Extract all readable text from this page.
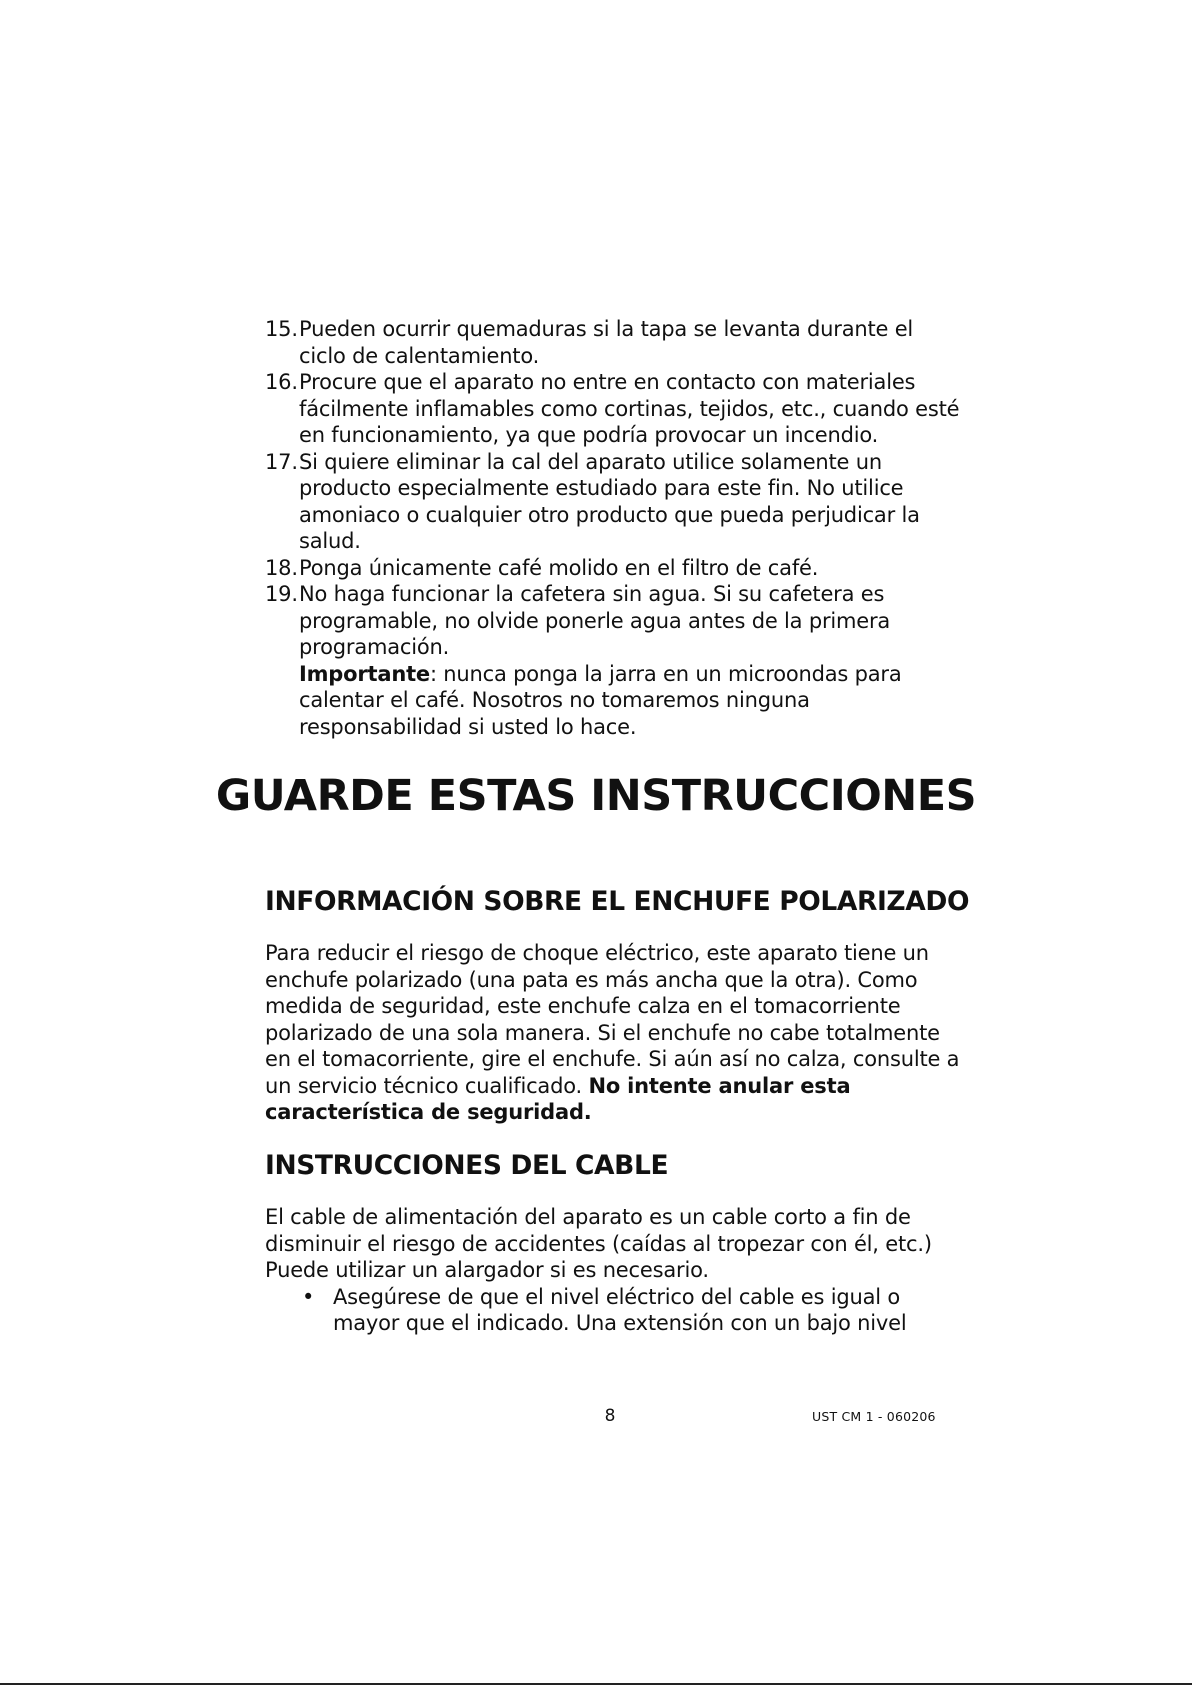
15. Pueden ocurrir quemaduras si la tapa se levanta durante el ciclo de calentamiento.
16. Procure que el aparato no entre en contacto con materiales fácilmente inflamables como cortinas, tejidos, etc., cuando esté en funcionamiento, ya que podría provocar un incendio.
17. Si quiere eliminar la cal del aparato utilice solamente un producto especialmente estudiado para este fin. No utilice amoniaco o cualquier otro producto que pueda perjudicar la salud.
18. Ponga únicamente café molido en el filtro de café.
19. No haga funcionar la cafetera sin agua. Si su cafetera es programable, no olvide ponerle agua antes de la primera programación.
Importante: nunca ponga la jarra en un microondas para calentar el café. Nosotros no tomaremos ninguna responsabilidad si usted lo hace.
GUARDE ESTAS INSTRUCCIONES
INFORMACIÓN SOBRE EL ENCHUFE POLARIZADO

Para reducir el riesgo de choque eléctrico, este aparato tiene un enchufe polarizado (una pata es más ancha que la otra). Como medida de seguridad, este enchufe calza en el tomacorriente polarizado de una sola manera. Si el enchufe no cabe totalmente en el tomacorriente, gire el enchufe. Si aún así no calza, consulte a un servicio técnico cualificado. No intente anular esta característica de seguridad.

INSTRUCCIONES DEL CABLE

El cable de alimentación del aparato es un cable corto a fin de disminuir el riesgo de accidentes (caídas al tropezar con él, etc.) Puede utilizar un alargador si es necesario.

• Asegúrese de que el nivel eléctrico del cable es igual o mayor que el indicado. Una extensión con un bajo nivel
8	UST CM 1 - 060206
